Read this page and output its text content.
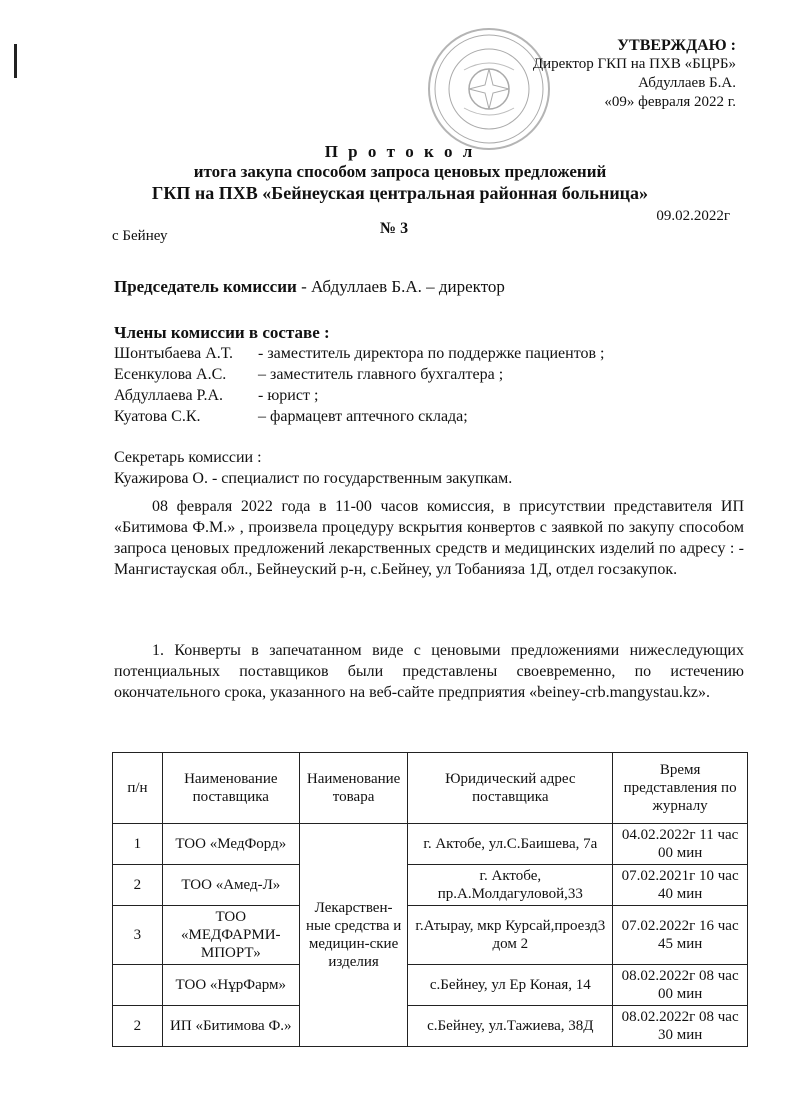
УТВЕРЖДАЮ :
Директор ГКП на ПХВ «БЦРБ»
Абдуллаев Б.А.
«09» февраля 2022 г.
П р о т о к о л
итога закупа способом запроса ценовых предложений
ГКП на ПХВ «Бейнеуская центральная районная больница»
09.02.2022г
№ 3
с Бейнеу
Председатель комиссии - Абдуллаев Б.А. – директор
Члены комиссии в составе :
Шонтыбаева А.Т. - заместитель директора по поддержке пациентов ;
Есенкулова А.С. – заместитель главного бухгалтера ;
Абдуллаева Р.А. - юрист ;
Куатова С.К.	– фармацевт аптечного склада;
Секретарь комиссии :
Куажирова О. - специалист по государственным закупкам.
08 февраля 2022 года в 11-00 часов комиссия, в присутствии представителя ИП «Битимова Ф.М.» , произвела процедуру вскрытия конвертов с заявкой по закупу способом запроса ценовых предложений лекарственных средств и медицинских изделий по адресу : - Мангистауская обл., Бейнеуский р-н, с.Бейнеу, ул Тобанияза 1Д, отдел госзакупок.
1. Конверты в запечатанном виде с ценовыми предложениями нижеследующих потенциальных поставщиков были представлены своевременно, по истечению окончательного срока, указанного на веб-сайте предприятия «beiney-crb.mangystau.kz».
п/н	Наименование поставщика	Наименование товара	Юридический адрес поставщика	Время представления по журналу
1	ТОО «МедФорд»	Лекарствен-ные средства и медицин-ские изделия	г. Актобе, ул.С.Баишева, 7а	04.02.2022г 11 час 00 мин
2	ТОО «Амед-Л»		г. Актобе, пр.А.Молдагуловой,33	07.02.2021г 10 час 40 мин
3	ТОО «МЕДФАРМИ-МПОРТ»		г.Атырау, мкр Курсай,проезд3 дом 2	07.02.2022г 16 час 45 мин
	ТОО «НұрФарм»		с.Бейнеу, ул Ер Коная, 14	08.02.2022г 08 час 00 мин
2	ИП «Битимова Ф.»		с.Бейнеу, ул.Тажиева, 38Д	08.02.2022г 08 час 30 мин
